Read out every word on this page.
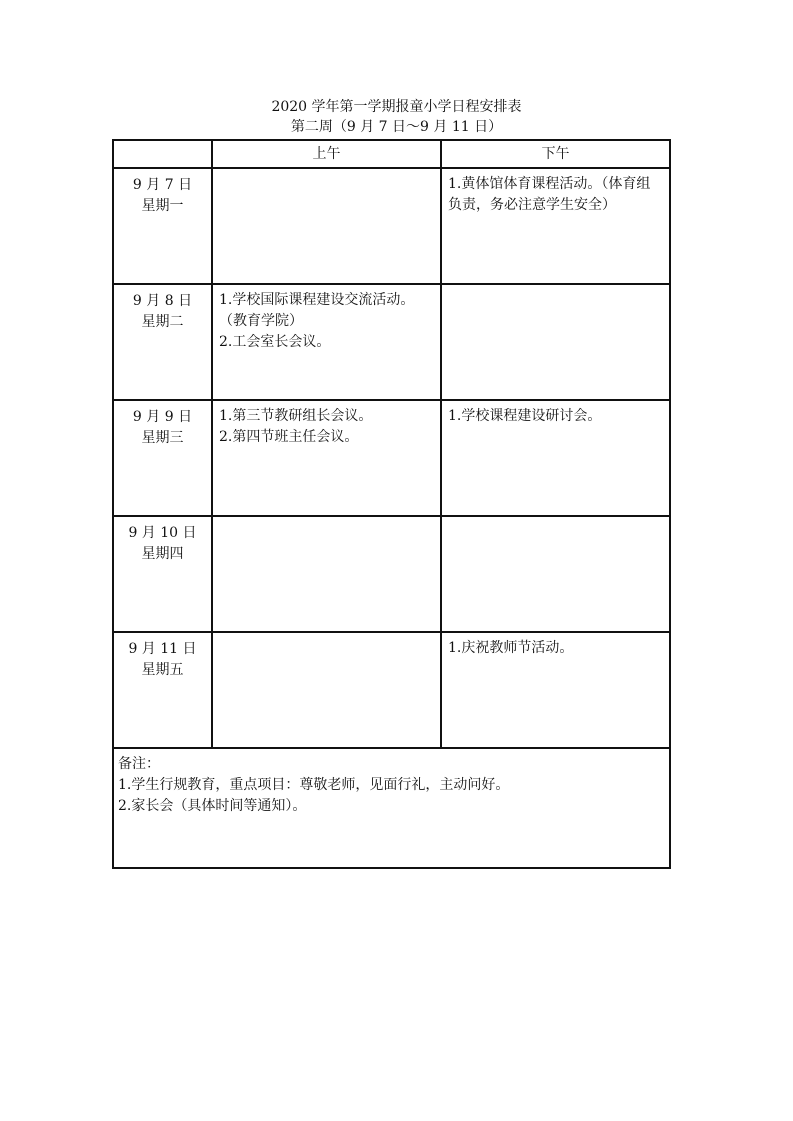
2020 学年第一学期报童小学日程安排表
第二周（9 月 7 日～9 月 11 日）
	上午	下午

9 月 7 日
星期一		1.黄体馆体育课程活动。（体育组负责，务必注意学生安全）

9 月 8 日
星期二	1.学校国际课程建设交流活动。（教育学院）
2.工会室长会议。	

9 月 9 日
星期三	1.第三节教研组长会议。
2.第四节班主任会议。	1.学校课程建设研讨会。

9 月 10 日
星期四		

9 月 11 日
星期五		1.庆祝教师节活动。

备注：
1.学生行规教育，重点项目：尊敬老师，见面行礼，主动问好。
2.家长会（具体时间等通知）。		
